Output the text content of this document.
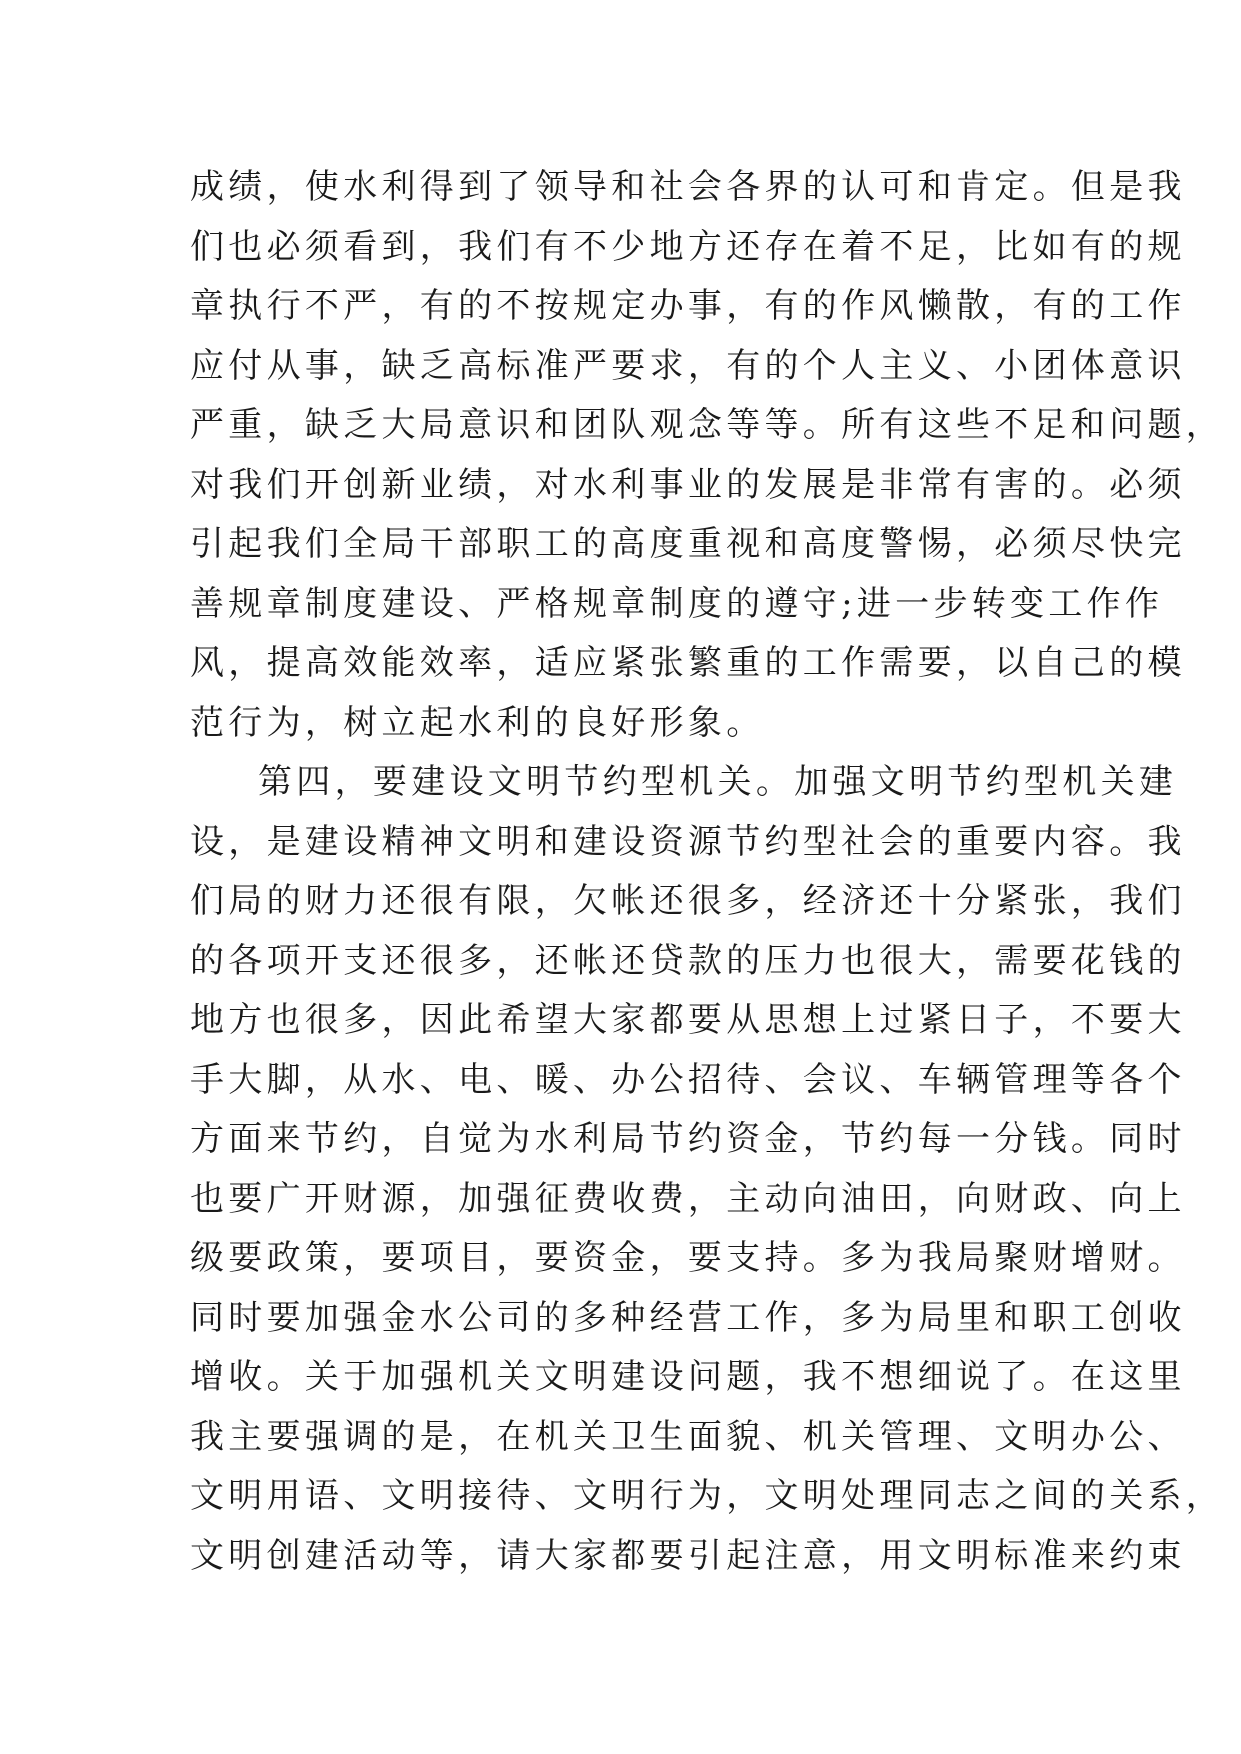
成绩，使水利得到了领导和社会各界的认可和肯定。但是我
们也必须看到，我们有不少地方还存在着不足，比如有的规
章执行不严，有的不按规定办事，有的作风懒散，有的工作
应付从事，缺乏高标准严要求，有的个人主义、小团体意识
严重，缺乏大局意识和团队观念等等。所有这些不足和问题，
对我们开创新业绩，对水利事业的发展是非常有害的。必须
引起我们全局干部职工的高度重视和高度警惕，必须尽快完
善规章制度建设、严格规章制度的遵守;进一步转变工作作
风，提高效能效率，适应紧张繁重的工作需要，以自己的模
范行为，树立起水利的良好形象。
第四，要建设文明节约型机关。加强文明节约型机关建
设，是建设精神文明和建设资源节约型社会的重要内容。我
们局的财力还很有限，欠帐还很多，经济还十分紧张，我们
的各项开支还很多，还帐还贷款的压力也很大，需要花钱的
地方也很多，因此希望大家都要从思想上过紧日子，不要大
手大脚，从水、电、暖、办公招待、会议、车辆管理等各个
方面来节约，自觉为水利局节约资金，节约每一分钱。同时
也要广开财源，加强征费收费，主动向油田，向财政、向上
级要政策，要项目，要资金，要支持。多为我局聚财增财。
同时要加强金水公司的多种经营工作，多为局里和职工创收
增收。关于加强机关文明建设问题，我不想细说了。在这里
我主要强调的是，在机关卫生面貌、机关管理、文明办公、
文明用语、文明接待、文明行为，文明处理同志之间的关系，
文明创建活动等，请大家都要引起注意，用文明标准来约束
